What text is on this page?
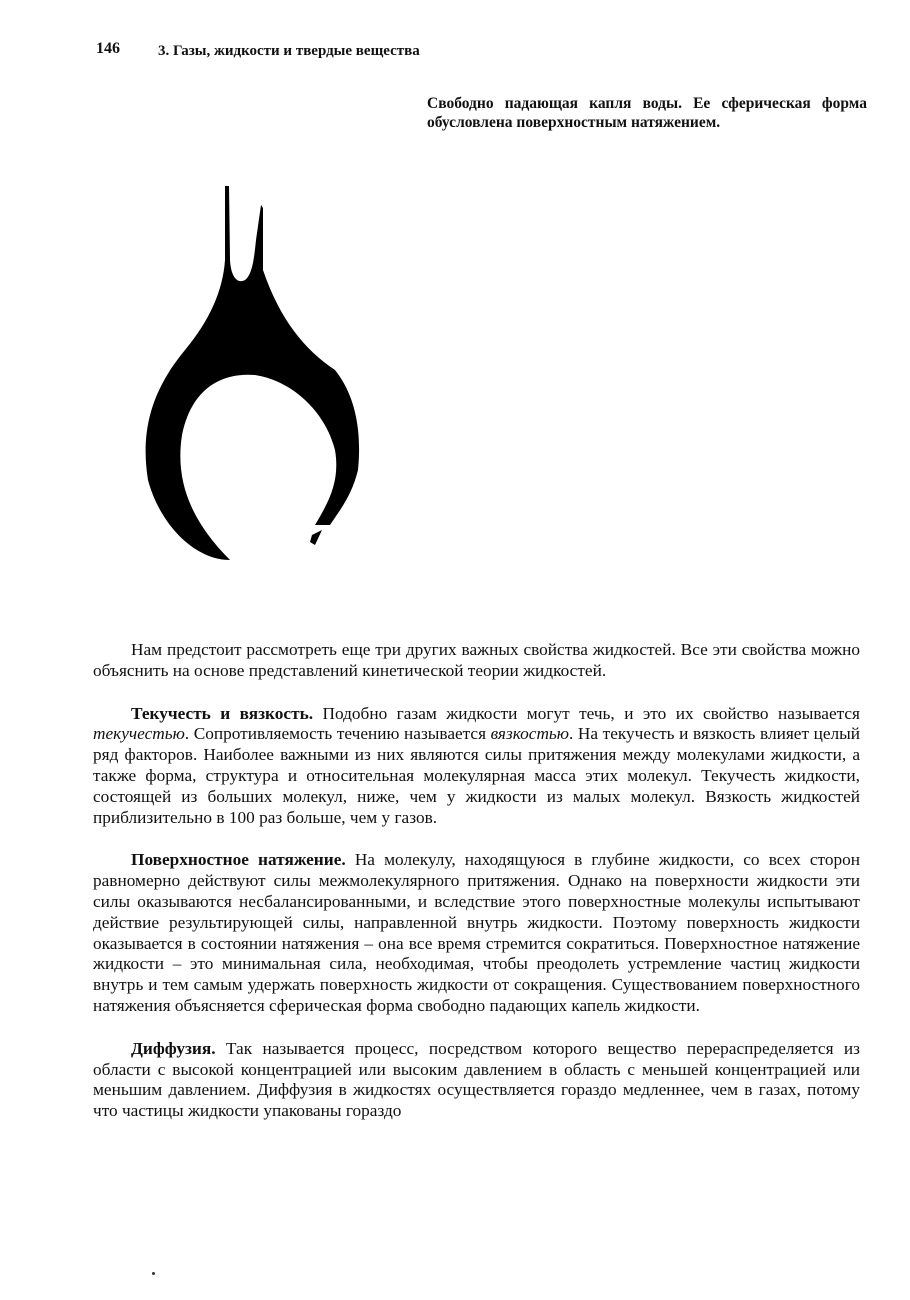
146	3. Газы, жидкости и твердые вещества
Свободно падающая капля воды. Ее сферическая форма обусловлена поверхностным натяжением.

Нам предстоит рассмотреть еще три других важных свойства жидкостей. Все эти свойства можно объяснить на основе представлений кинетической теории жидкостей.

Текучесть и вязкость. Подобно газам жидкости могут течь, и это их свойство называется текучестью. Сопротивляемость течению называется вязкостью. На текучесть и вязкость влияет целый ряд факторов. Наиболее важными из них являются силы притяжения между молекулами жидкости, а также форма, структура и относительная молекулярная масса этих молекул. Текучесть жидкости, состоящей из больших молекул, ниже, чем у жидкости из малых молекул. Вязкость жидкостей приблизительно в 100 раз больше, чем у газов.

Поверхностное натяжение. На молекулу, находящуюся в глубине жидкости, со всех сторон равномерно действуют силы межмолекулярного притяжения. Однако на поверхности жидкости эти силы оказываются несбалансированными, и вследствие этого поверхностные молекулы испытывают действие результирующей силы, направленной внутрь жидкости. Поэтому поверхность жидкости оказывается в состоянии натяжения – она все время стремится сократиться. Поверхностное натяжение жидкости – это минимальная сила, необходимая, чтобы преодолеть устремление частиц жидкости внутрь и тем самым удержать поверхность жидкости от сокращения. Существованием поверхностного натяжения объясняется сферическая форма свободно падающих капель жидкости.

Диффузия. Так называется процесс, посредством которого вещество перераспределяется из области с высокой концентрацией или высоким давлением в область с меньшей концентрацией или меньшим давлением. Диффузия в жидкостях осуществляется гораздо медленнее, чем в газах, потому что частицы жидкости упакованы гораздо
